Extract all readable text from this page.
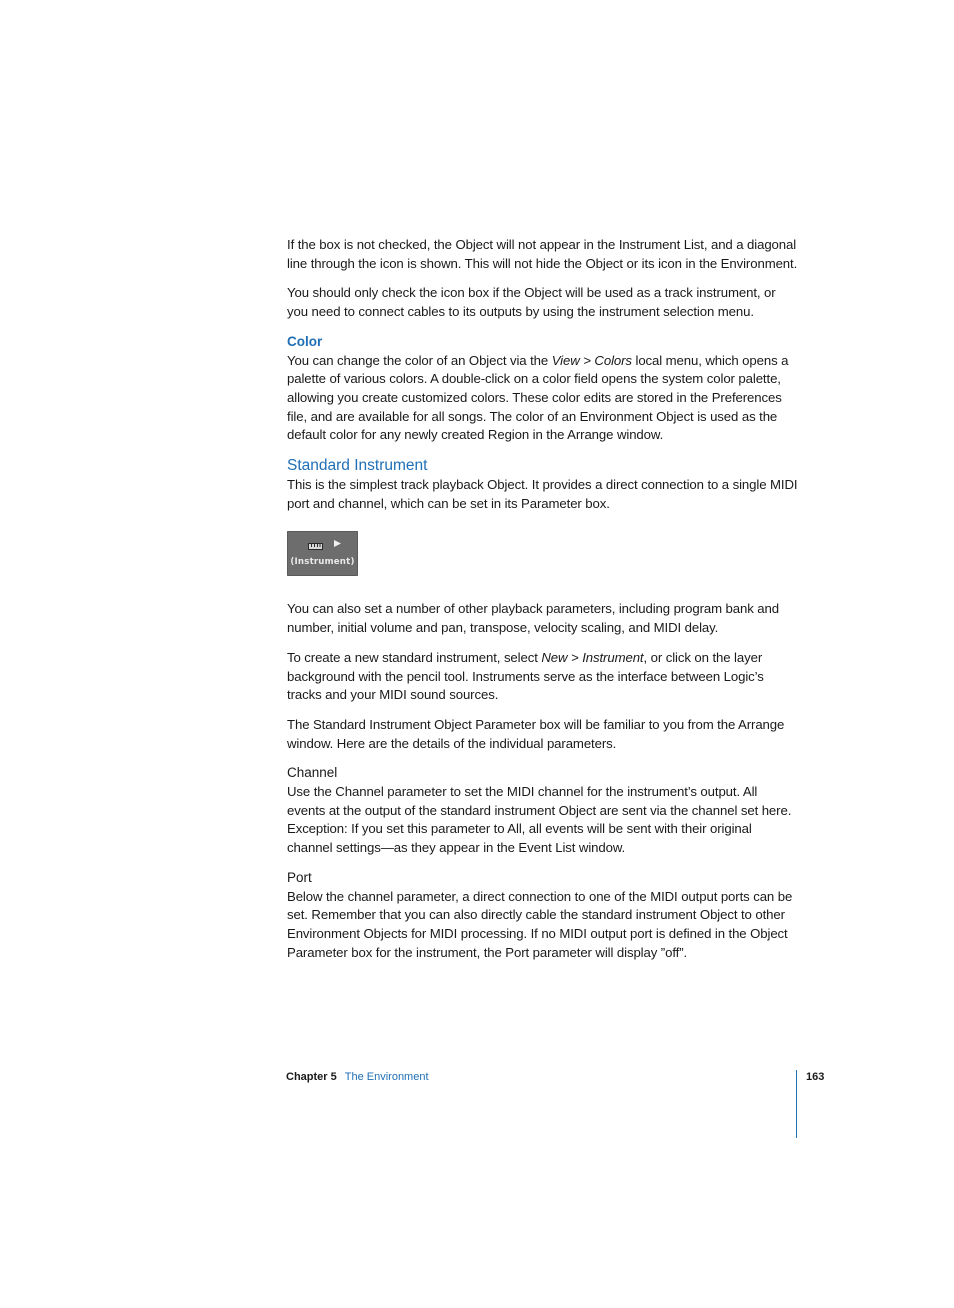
If the box is not checked, the Object will not appear in the Instrument List, and a diagonal line through the icon is shown. This will not hide the Object or its icon in the Environment.

You should only check the icon box if the Object will be used as a track instrument, or you need to connect cables to its outputs by using the instrument selection menu.

Color

You can change the color of an Object via the View > Colors local menu, which opens a palette of various colors. A double-click on a color field opens the system color palette, allowing you create customized colors. These color edits are stored in the Preferences file, and are available for all songs. The color of an Environment Object is used as the default color for any newly created Region in the Arrange window.

Standard Instrument

This is the simplest track playback Object. It provides a direct connection to a single MIDI port and channel, which can be set in its Parameter box.

(Instrument)

You can also set a number of other playback parameters, including program bank and number, initial volume and pan, transpose, velocity scaling, and MIDI delay.

To create a new standard instrument, select New > Instrument, or click on the layer background with the pencil tool. Instruments serve as the interface between Logic’s tracks and your MIDI sound sources.

The Standard Instrument Object Parameter box will be familiar to you from the Arrange window. Here are the details of the individual parameters.

Channel

Use the Channel parameter to set the MIDI channel for the instrument’s output. All events at the output of the standard instrument Object are sent via the channel set here. Exception: If you set this parameter to All, all events will be sent with their original channel settings—as they appear in the Event List window.

Port

Below the channel parameter, a direct connection to one of the MIDI output ports can be set. Remember that you can also directly cable the standard instrument Object to other Environment Objects for MIDI processing. If no MIDI output port is defined in the Object Parameter box for the instrument, the Port parameter will display ”off”.

Chapter 5 The Environment	163
